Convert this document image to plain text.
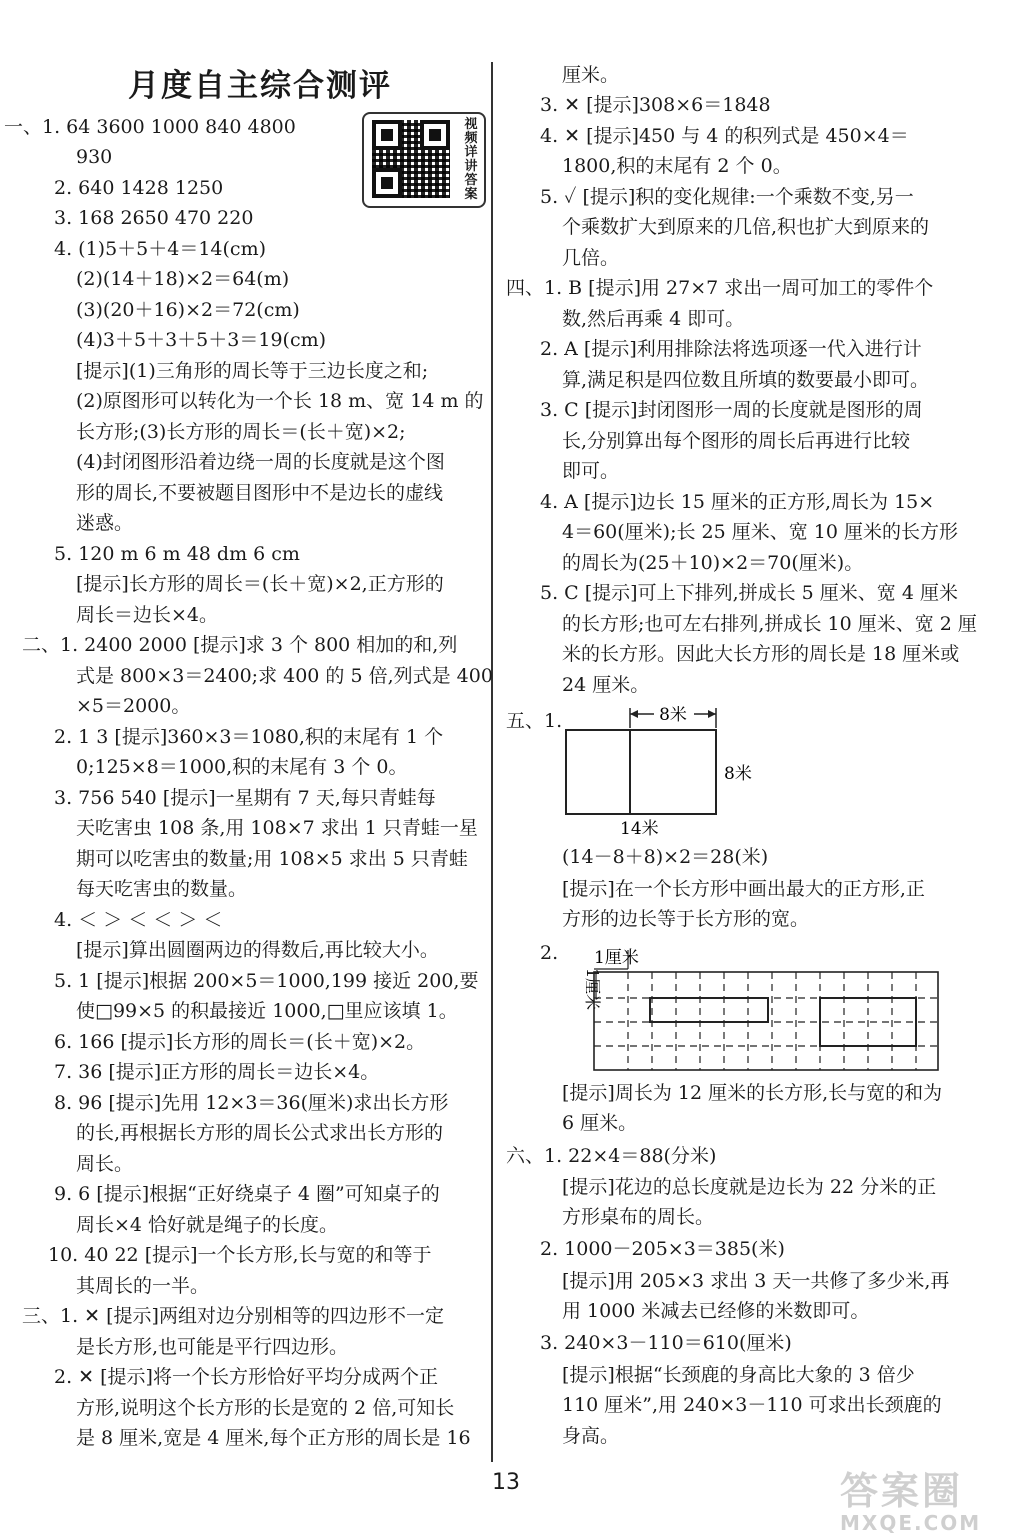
月度自主综合测评
视频详讲答案
一、1. 64 3600 1000 840 4800
930
2. 640 1428 1250
3. 168 2650 470 220
4. (1)5＋5＋4＝14(cm)
(2)(14＋18)×2＝64(m)
(3)(20＋16)×2＝72(cm)
(4)3＋5＋3＋5＋3＝19(cm)
[提示](1)三角形的周长等于三边长度之和;
(2)原图形可以转化为一个长 18 m、宽 14 m 的
长方形;(3)长方形的周长＝(长＋宽)×2;
(4)封闭图形沿着边绕一周的长度就是这个图
形的周长,不要被题目图形中不是边长的虚线
迷惑。
5. 120 m 6 m 48 dm 6 cm
[提示]长方形的周长＝(长＋宽)×2,正方形的
周长＝边长×4。
二、1. 2400 2000 [提示]求 3 个 800 相加的和,列
式是 800×3＝2400;求 400 的 5 倍,列式是 400
×5＝2000。
2. 1 3 [提示]360×3＝1080,积的末尾有 1 个
0;125×8＝1000,积的末尾有 3 个 0。
3. 756 540 [提示]一星期有 7 天,每只青蛙每
天吃害虫 108 条,用 108×7 求出 1 只青蛙一星
期可以吃害虫的数量;用 108×5 求出 5 只青蛙
每天吃害虫的数量。
4. ＜ ＞ ＜ ＜ ＞ ＜
[提示]算出圆圈两边的得数后,再比较大小。
5. 1 [提示]根据 200×5＝1000,199 接近 200,要
使□99×5 的积最接近 1000,□里应该填 1。
6. 166 [提示]长方形的周长＝(长＋宽)×2。
7. 36 [提示]正方形的周长＝边长×4。
8. 96 [提示]先用 12×3＝36(厘米)求出长方形
的长,再根据长方形的周长公式求出长方形的
周长。
9. 6 [提示]根据“正好绕桌子 4 圈”可知桌子的
周长×4 恰好就是绳子的长度。
10. 40 22 [提示]一个长方形,长与宽的和等于
其周长的一半。
三、1. ✕ [提示]两组对边分别相等的四边形不一定
是长方形,也可能是平行四边形。
2. ✕ [提示]将一个长方形恰好平均分成两个正
方形,说明这个长方形的长是宽的 2 倍,可知长
是 8 厘米,宽是 4 厘米,每个正方形的周长是 16
厘米。
3. ✕ [提示]308×6＝1848
4. ✕ [提示]450 与 4 的积列式是 450×4＝
1800,积的末尾有 2 个 0。
5. ✓ [提示]积的变化规律:一个乘数不变,另一
个乘数扩大到原来的几倍,积也扩大到原来的
几倍。
四、1. B [提示]用 27×7 求出一周可加工的零件个
数,然后再乘 4 即可。
2. A [提示]利用排除法将选项逐一代入进行计
算,满足积是四位数且所填的数要最小即可。
3. C [提示]封闭图形一周的长度就是图形的周
长,分别算出每个图形的周长后再进行比较
即可。
4. A [提示]边长 15 厘米的正方形,周长为 15×
4＝60(厘米);长 25 厘米、宽 10 厘米的长方形
的周长为(25＋10)×2＝70(厘米)。
5. C [提示]可上下排列,拼成长 5 厘米、宽 4 厘米
的长方形;也可左右排列,拼成长 10 厘米、宽 2 厘
米的长方形。因此大长方形的周长是 18 厘米或
24 厘米。
五、1.
(14－8＋8)×2＝28(米)
[提示]在一个长方形中画出最大的正方形,正
方形的边长等于长方形的宽。
2.
[提示]周长为 12 厘米的长方形,长与宽的和为
6 厘米。
六、1. 22×4＝88(分米)
[提示]花边的总长度就是边长为 22 分米的正
方形桌布的周长。
2. 1000－205×3＝385(米)
[提示]用 205×3 求出 3 天一共修了多少米,再
用 1000 米减去已经修的米数即可。
3. 240×3－110＝610(厘米)
[提示]根据“长颈鹿的身高比大象的 3 倍少
110 厘米”,用 240×3－110 可求出长颈鹿的
身高。
8米
8米
14米
1厘米
1厘米
13	答案圈
MXQE.COM
